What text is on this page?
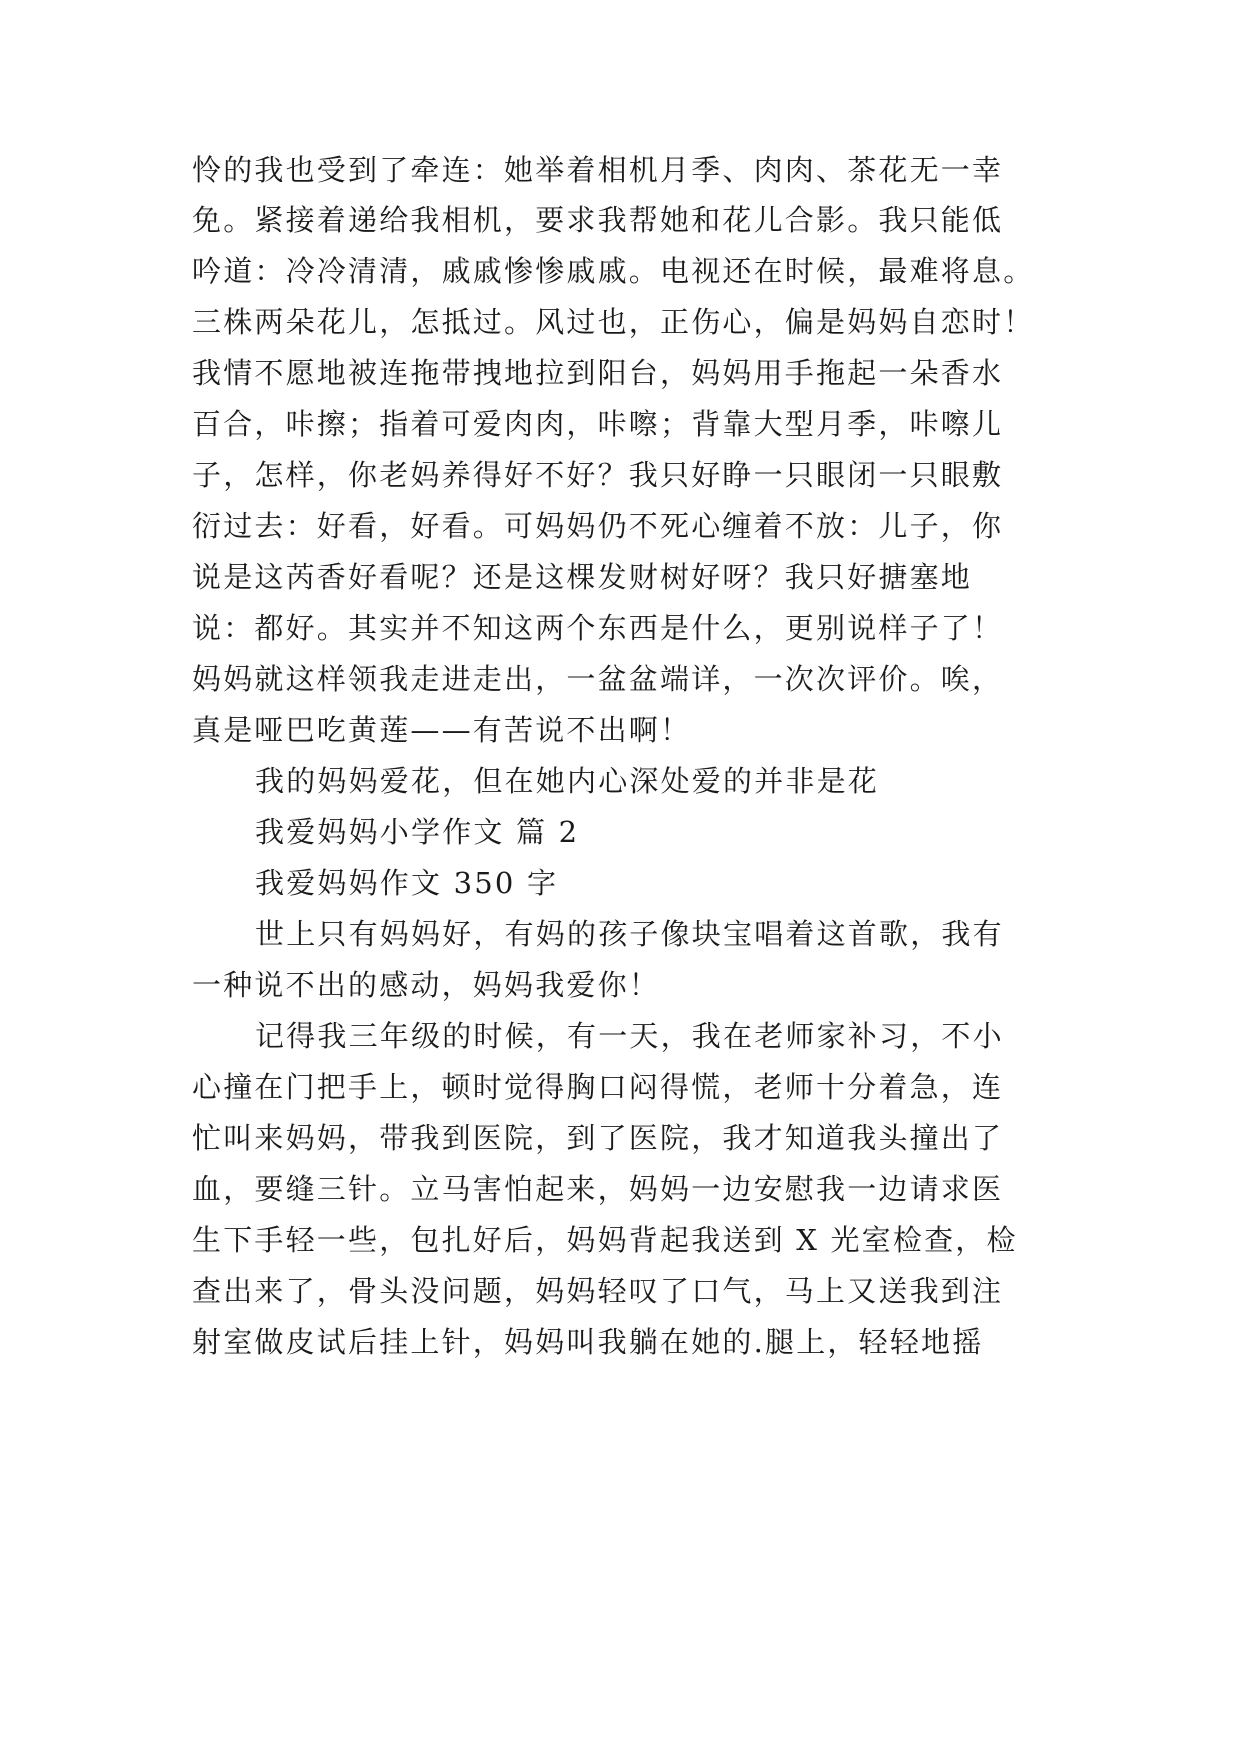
怜的我也受到了牵连：她举着相机月季、肉肉、茶花无一幸
免。紧接着递给我相机，要求我帮她和花儿合影。我只能低
吟道：冷冷清清，戚戚惨惨戚戚。电视还在时候，最难将息。
三株两朵花儿，怎抵过。风过也，正伤心，偏是妈妈自恋时！
我情不愿地被连拖带拽地拉到阳台，妈妈用手拖起一朵香水
百合，咔擦；指着可爱肉肉，咔嚓；背靠大型月季，咔嚓儿
子，怎样，你老妈养得好不好？我只好睁一只眼闭一只眼敷
衍过去：好看，好看。可妈妈仍不死心缠着不放：儿子，你
说是这芮香好看呢？还是这棵发财树好呀？我只好搪塞地
说：都好。其实并不知这两个东西是什么，更别说样子了！
妈妈就这样领我走进走出，一盆盆端详，一次次评价。唉，
真是哑巴吃黄莲——有苦说不出啊！
我的妈妈爱花，但在她内心深处爱的并非是花
我爱妈妈小学作文 篇 2
我爱妈妈作文 350 字
世上只有妈妈好，有妈的孩子像块宝唱着这首歌，我有
一种说不出的感动，妈妈我爱你！
记得我三年级的时候，有一天，我在老师家补习，不小
心撞在门把手上，顿时觉得胸口闷得慌，老师十分着急，连
忙叫来妈妈，带我到医院，到了医院，我才知道我头撞出了
血，要缝三针。立马害怕起来，妈妈一边安慰我一边请求医
生下手轻一些，包扎好后，妈妈背起我送到 X 光室检查，检
查出来了，骨头没问题，妈妈轻叹了口气，马上又送我到注
射室做皮试后挂上针，妈妈叫我躺在她的.腿上，轻轻地摇
